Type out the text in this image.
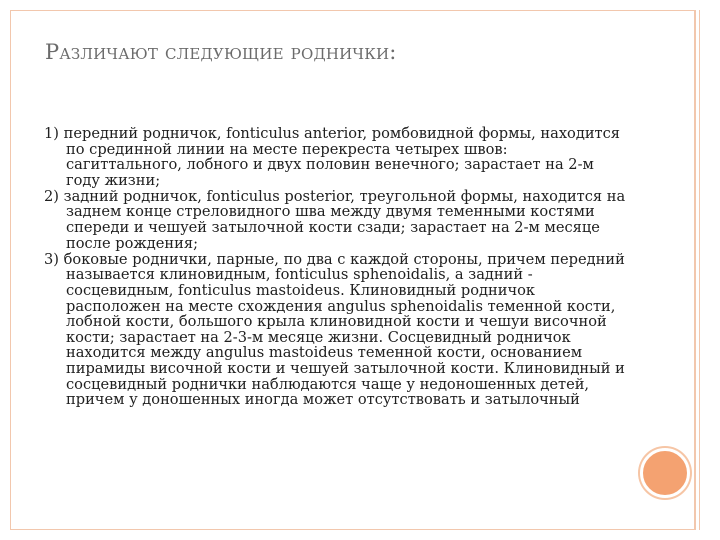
Различают следующие роднички:
1) передний родничок, fonticulus anterior, ромбовидной формы, находится по срединной линии на месте перекреста четырех швов: сагиттального, лобного и двух половин венечного; зарастает на 2-м году жизни;
2) задний родничок, fonticulus posterior, треугольной формы, находится на заднем конце стреловидного шва между двумя теменными костями спереди и чешуей затылочной кости сзади; зарастает на 2-м месяце после рождения;
3) боковые роднички, парные, по два с каждой стороны, причем передний называется клиновидным, fonticulus sphenoidalis, а задний - сосцевидным, fonticulus mastoideus. Клиновидный родничок расположен на месте схождения angulus sphenoidalis теменной кости, лобной кости, большого крыла клиновидной кости и чешуи височной кости; зарастает на 2-3-м месяце жизни. Сосцевидный родничок находится между angulus mastoideus теменной кости, основанием пирамиды височной кости и чешуей затылочной кости. Клиновидный и сосцевидный роднички наблюдаются чаще у недоношенных детей, причем у доношенных иногда может отсутствовать и затылочный
